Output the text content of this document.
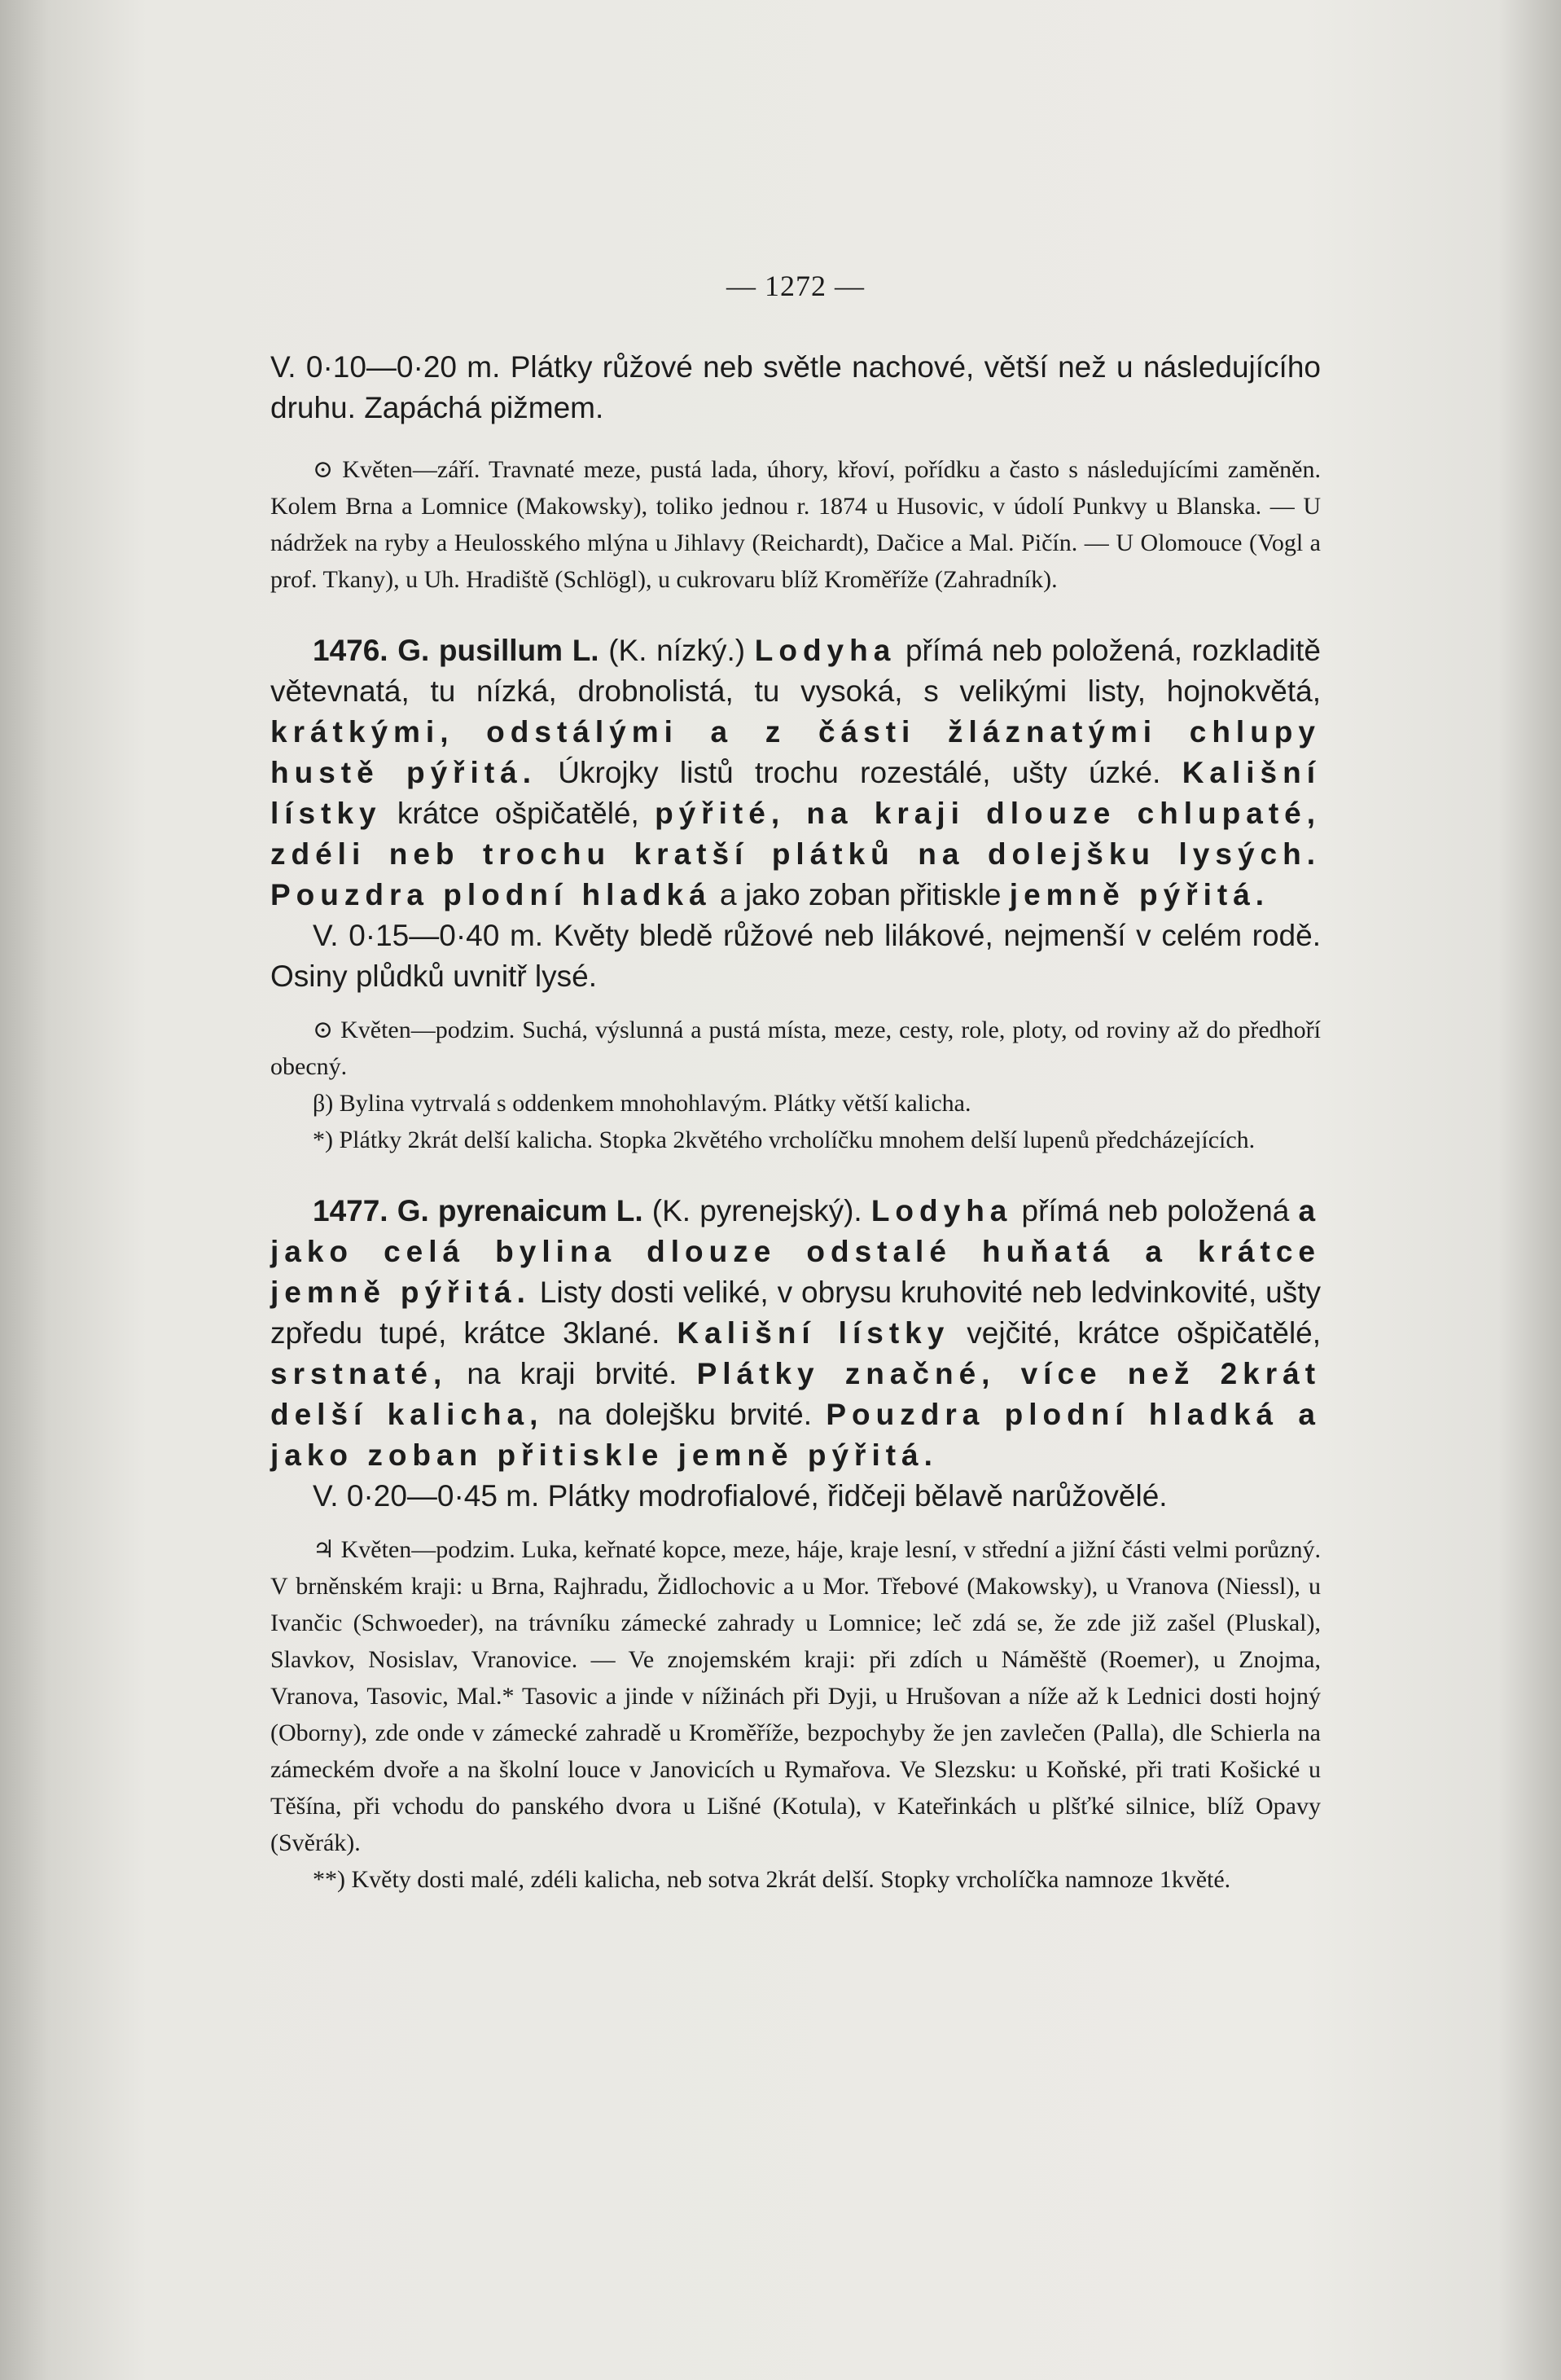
— 1272 —

V. 0·10—0·20 m. Plátky růžové neb světle nachové, větší než u následujícího druhu. Zapáchá pižmem.

⊙ Květen—září. Travnaté meze, pustá lada, úhory, křoví, pořídku a často s následujícími zaměněn. Kolem Brna a Lomnice (Makowsky), toliko jednou r. 1874 u Husovic, v údolí Punkvy u Blanska. — U nádržek na ryby a Heulosského mlýna u Jihlavy (Reichardt), Dačice a Mal. Pičín. — U Olomouce (Vogl a prof. Tkany), u Uh. Hradiště (Schlögl), u cukrovaru blíž Kroměříže (Zahradník).

1476. G. pusillum L. (K. nízký.) Lodyha přímá neb položená, rozkladitě větevnatá, tu nízká, drobnolistá, tu vysoká, s velikými listy, hojnokvětá, krátkými, odstálými a z části žláznatými chlupy hustě pýřitá. Úkrojky listů trochu rozestálé, ušty úzké. Kališní lístky krátce ošpičatělé, pýřité, na kraji dlouze chlupaté, zdéli neb trochu kratší plátků na dolejšku lysých. Pouzdra plodní hladká a jako zoban přitiskle jemně pýřitá.

V. 0·15—0·40 m. Květy bledě růžové neb lilákové, nejmenší v celém rodě. Osiny plůdků uvnitř lysé.

⊙ Květen—podzim. Suchá, výslunná a pustá místa, meze, cesty, role, ploty, od roviny až do předhoří obecný.

β) Bylina vytrvalá s oddenkem mnohohlavým. Plátky větší kalicha.

*) Plátky 2krát delší kalicha. Stopka 2květého vrcholíčku mnohem delší lupenů předcházejících.

1477. G. pyrenaicum L. (K. pyrenejský). Lodyha přímá neb položená a jako celá bylina dlouze odstalé huňatá a krátce jemně pýřitá. Listy dosti veliké, v obrysu kruhovité neb ledvinkovité, ušty zpředu tupé, krátce 3klané. Kališní lístky vejčité, krátce ošpičatělé, srstnaté, na kraji brvité. Plátky značné, více než 2krát delší kalicha, na dolejšku brvité. Pouzdra plodní hladká a jako zoban přitiskle jemně pýřitá.

V. 0·20—0·45 m. Plátky modrofialové, řidčeji bělavě narůžovělé.

♃ Květen—podzim. Luka, keřnaté kopce, meze, háje, kraje lesní, v střední a jižní části velmi porůzný. V brněnském kraji: u Brna, Rajhradu, Židlochovic a u Mor. Třebové (Makowsky), u Vranova (Niessl), u Ivančic (Schwoeder), na trávníku zámecké zahrady u Lomnice; leč zdá se, že zde již zašel (Pluskal), Slavkov, Nosislav, Vranovice. — Ve znojemském kraji: při zdích u Náměště (Roemer), u Znojma, Vranova, Tasovic, Mal.* Tasovic a jinde v nížinách při Dyji, u Hrušovan a níže až k Lednici dosti hojný (Oborny), zde onde v zámecké zahradě u Kroměříže, bezpochyby že jen zavlečen (Palla), dle Schierla na zámeckém dvoře a na školní louce v Janovicích u Rymařova. Ve Slezsku: u Koňské, při trati Košické u Těšína, při vchodu do panského dvora u Lišné (Kotula), v Kateřinkách u plšťké silnice, blíž Opavy (Svěrák).

**) Květy dosti malé, zdéli kalicha, neb sotva 2krát delší. Stopky vrcholíčka namnoze 1květé.
